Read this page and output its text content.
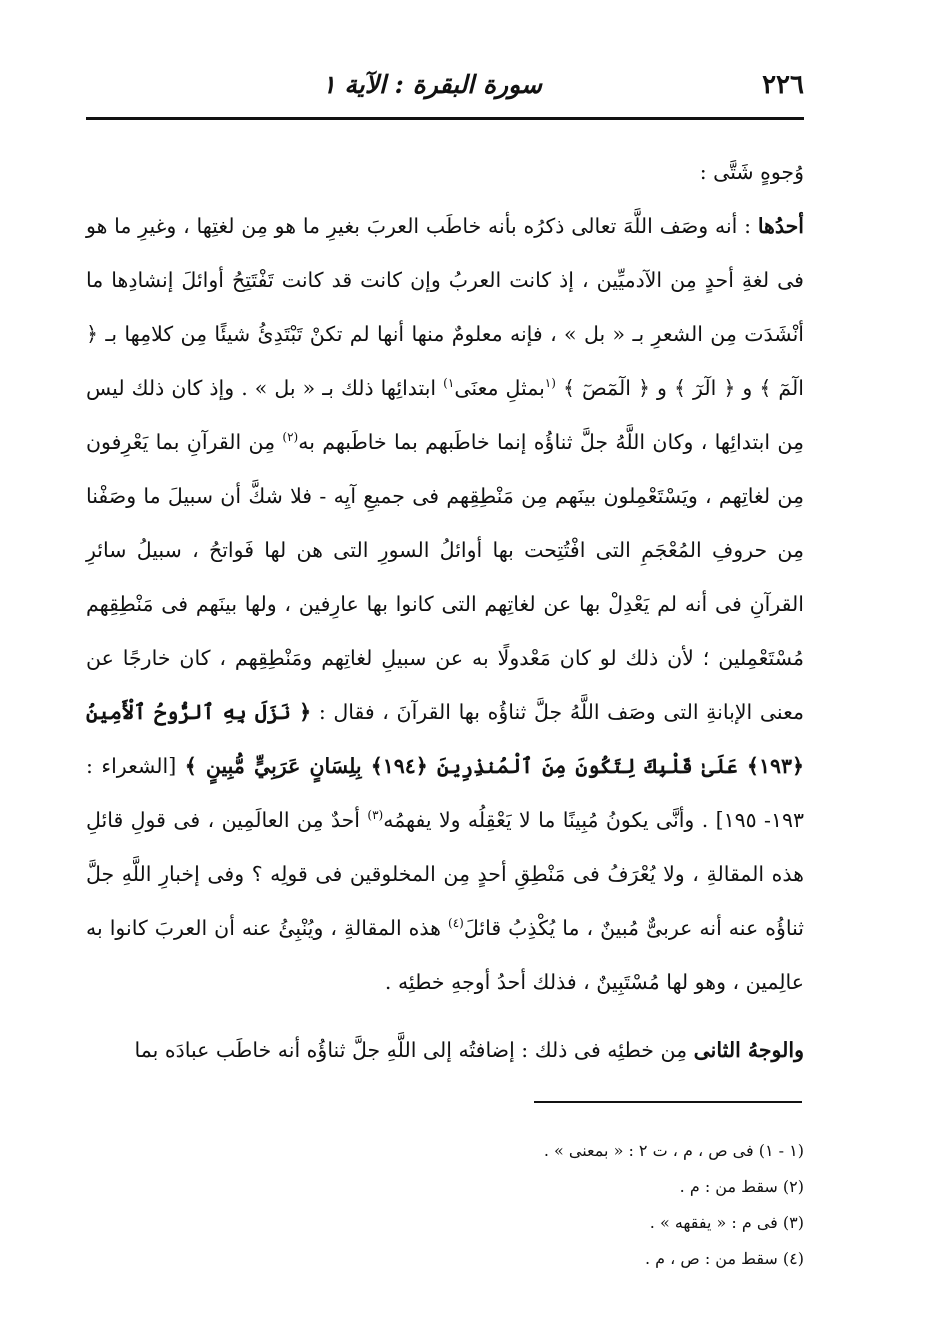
٢٢٦
سورة البقرة : الآية ١

وُجوهٍ شَتَّى :

أحدُها : أنه وصَف اللَّهَ تعالى ذكرُه بأنه خاطَب العربَ بغيرِ ما هو مِن لغتِها ، وغيرِ ما هو فى لغةِ أحدٍ مِن الآدميِّين ، إذ كانت العربُ وإن كانت قد كانت تَفْتَتِحُ أوائلَ إنشادِها ما أنْشَدَت مِن الشعرِ بـ « بل » ، فإنه معلومٌ منها أنها لم تكنْ تَبْتَدِئُ شيئًا مِن كلامِها بـ ﴿ الٓمٓ ﴾ و ﴿ الٓرٓ ﴾ و ﴿ الٓمٓصٓ ﴾ $^{(١}$بمثلِ معنَى$^{١)}$ ابتدائِها ذلك بـ « بل » . وإذ كان ذلك ليس مِن ابتدائِها ، وكان اللَّهُ جلَّ ثناؤُه إنما خاطَبهم بما خاطَبهم به$^{(٢)}$ مِن القرآنِ بما يَعْرِفون مِن لغاتِهم ، ويَسْتَعْمِلون بينَهم مِن مَنْطِقِهم فى جميعِ آيِه - فلا شكَّ أن سبيلَ ما وصَفْنا مِن حروفِ المُعْجَمِ التى افْتُتِحت بها أوائلُ السورِ التى هن لها فَواتحُ ، سبيلُ سائرِ القرآنِ فى أنه لم يَعْدِلْ بها عن لغاتِهم التى كانوا بها عارِفين ، ولها بينَهم فى مَنْطِقِهم مُسْتَعْمِلين ؛ لأن ذلك لو كان مَعْدولًا به عن سبيلِ لغاتِهم ومَنْطِقِهم ، كان خارجًا عن معنى الإبانةِ التى وصَف اللَّهُ جلَّ ثناؤُه بها القرآنَ ، فقال : ﴿ نَزَلَ بِهِ ٱلرُّوحُ ٱلْأَمِينُ ﴿١٩٣﴾ عَلَىٰ قَلْبِكَ لِتَكُونَ مِنَ ٱلْمُنذِرِينَ ﴿١٩٤﴾ بِلِسَانٍ عَرَبِيٍّ مُّبِينٍ ﴾ [الشعراء : ١٩٣- ١٩٥] . وأنَّى يكونُ مُبِينًا ما لا يَعْقِلُه ولا يفهمُه$^{(٣)}$ أحدٌ مِن العالَمِين ، فى قولِ قائلِ هذه المقالةِ ، ولا يُعْرَفُ فى مَنْطِقِ أحدٍ مِن المخلوقين فى قولِه ؟ وفى إخبارِ اللَّهِ جلَّ ثناؤُه عنه أنه عربىٌّ مُبينٌ ، ما يُكْذِبُ قائلَ$^{(٤)}$ هذه المقالةِ ، ويُنْبِئُ عنه أن العربَ كانوا به عالِمين ، وهو لها مُسْتَبِينٌ ، فذلك أحدُ أوجهِ خطئِه .

والوجهُ الثانى مِن خطئِه فى ذلك : إضافتُه إلى اللَّهِ جلَّ ثناؤُه أنه خاطَب عبادَه بما

(١ - ١) فى ص ، م ، ت ٢ : « بمعنى » .
(٢) سقط من : م .
(٣) فى م : « يفقهه » .
(٤) سقط من : ص ، م .
